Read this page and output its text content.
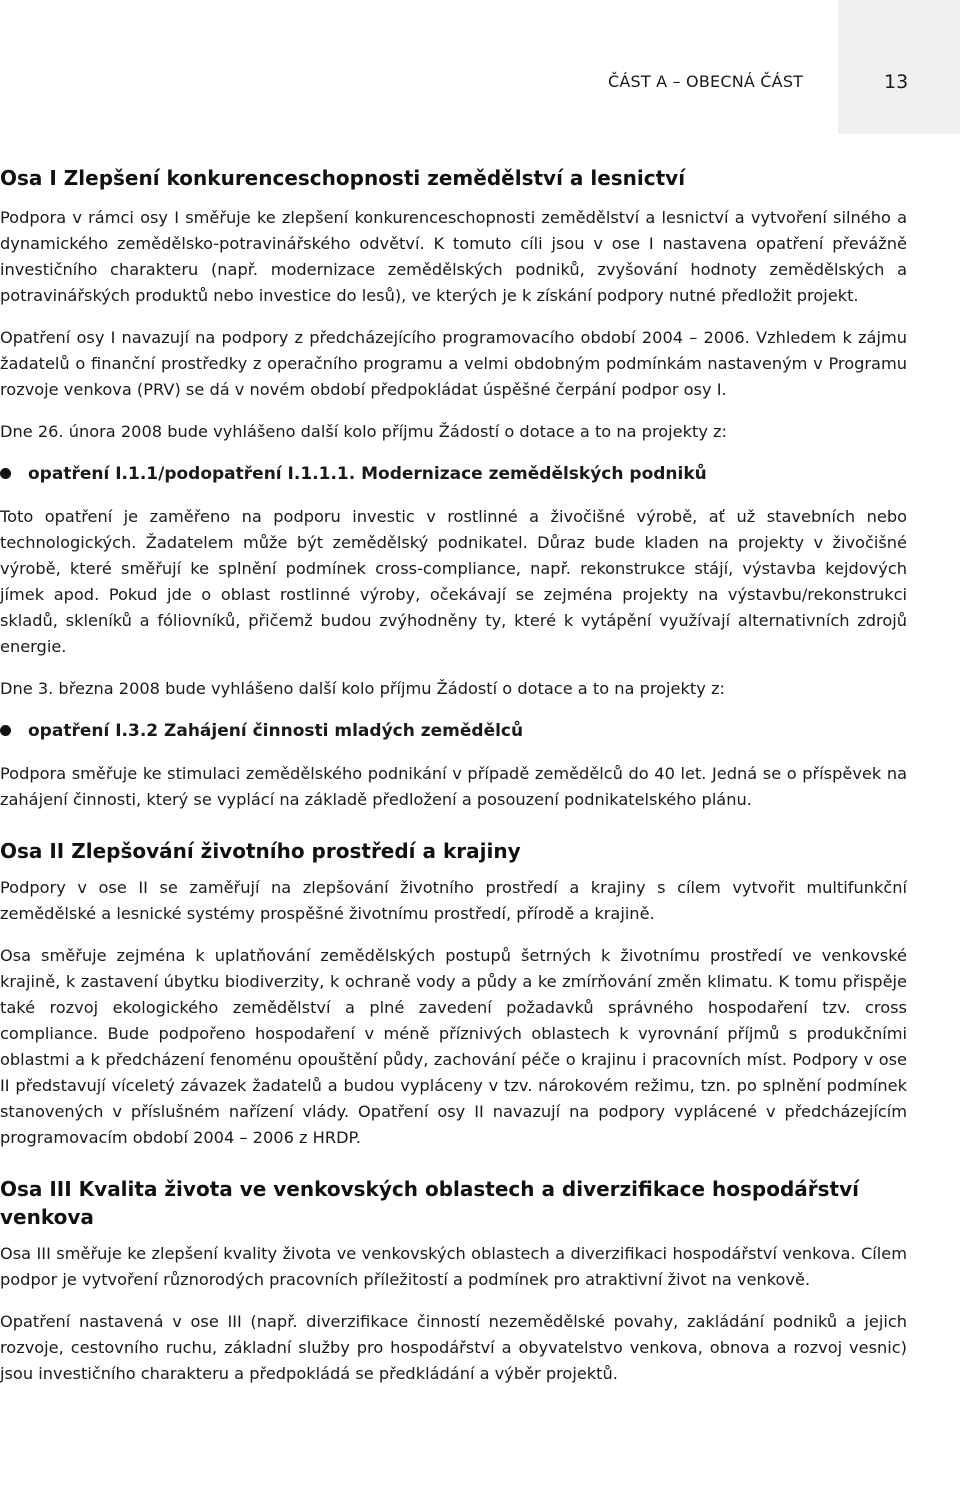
ČÁST A – OBECNÁ ČÁST	13
Osa I Zlepšení konkurenceschopnosti zemědělství a lesnictví

Podpora v rámci osy I směřuje ke zlepšení konkurenceschopnosti zemědělství a lesnictví a vytvoření silného a dynamického zemědělsko-potravinářského odvětví. K tomuto cíli jsou v ose I nastavena opatření převážně investičního charakteru (např. modernizace zemědělských podniků, zvyšování hodnoty zemědělských a potravinářských produktů nebo investice do lesů), ve kterých je k získání podpory nutné předložit projekt.

Opatření osy I navazují na podpory z předcházejícího programovacího období 2004 – 2006. Vzhledem k zájmu žadatelů o finanční prostředky z operačního programu a velmi obdobným podmínkám nastaveným v Programu rozvoje venkova (PRV) se dá v novém období předpokládat úspěšné čerpání podpor osy I.

Dne 26. února 2008 bude vyhlášeno další kolo příjmu Žádostí o dotace a to na projekty z:

opatření I.1.1/podopatření I.1.1.1. Modernizace zemědělských podniků

Toto opatření je zaměřeno na podporu investic v rostlinné a živočišné výrobě, ať už stavebních nebo technologických. Žadatelem může být zemědělský podnikatel. Důraz bude kladen na projekty v živočišné výrobě, které směřují ke splnění podmínek cross-compliance, např. rekonstrukce stájí, výstavba kejdových jímek apod. Pokud jde o oblast rostlinné výroby, očekávají se zejména projekty na výstavbu/rekonstrukci skladů, skleníků a fóliovníků, přičemž budou zvýhodněny ty, které k vytápění využívají alternativních zdrojů energie.

Dne 3. března 2008 bude vyhlášeno další kolo příjmu Žádostí o dotace a to na projekty z:

opatření I.3.2 Zahájení činnosti mladých zemědělců

Podpora směřuje ke stimulaci zemědělského podnikání v případě zemědělců do 40 let. Jedná se o příspěvek na zahájení činnosti, který se vyplácí na základě předložení a posouzení podnikatelského plánu.

Osa II Zlepšování životního prostředí a krajiny

Podpory v ose II se zaměřují na zlepšování životního prostředí a krajiny s cílem vytvořit multifunkční zemědělské a lesnické systémy prospěšné životnímu prostředí, přírodě a krajině.

Osa směřuje zejména k uplatňování zemědělských postupů šetrných k životnímu prostředí ve venkovské krajině, k zastavení úbytku biodiverzity, k ochraně vody a půdy a ke zmírňování změn klimatu. K tomu přispěje také rozvoj ekologického zemědělství a plné zavedení požadavků správného hospodaření tzv. cross compliance. Bude podpořeno hospodaření v méně příznivých oblastech k vyrovnání příjmů s produkčními oblastmi a k předcházení fenoménu opouštění půdy, zachování péče o krajinu i pracovních míst. Podpory v ose II představují víceletý závazek žadatelů a budou vypláceny v tzv. nárokovém režimu, tzn. po splnění podmínek stanovených v příslušném nařízení vlády. Opatření osy II navazují na podpory vyplácené v předcházejícím programovacím období 2004 – 2006 z HRDP.

Osa III Kvalita života ve venkovských oblastech a diverzifikace hospodářství venkova

Osa III směřuje ke zlepšení kvality života ve venkovských oblastech a diverzifikaci hospodářství venkova. Cílem podpor je vytvoření různorodých pracovních příležitostí a podmínek pro atraktivní život na venkově.

Opatření nastavená v ose III (např. diverzifikace činností nezemědělské povahy, zakládání podniků a jejich rozvoje, cestovního ruchu, základní služby pro hospodářství a obyvatelstvo venkova, obnova a rozvoj vesnic) jsou investičního charakteru a předpokládá se předkládání a výběr projektů.
